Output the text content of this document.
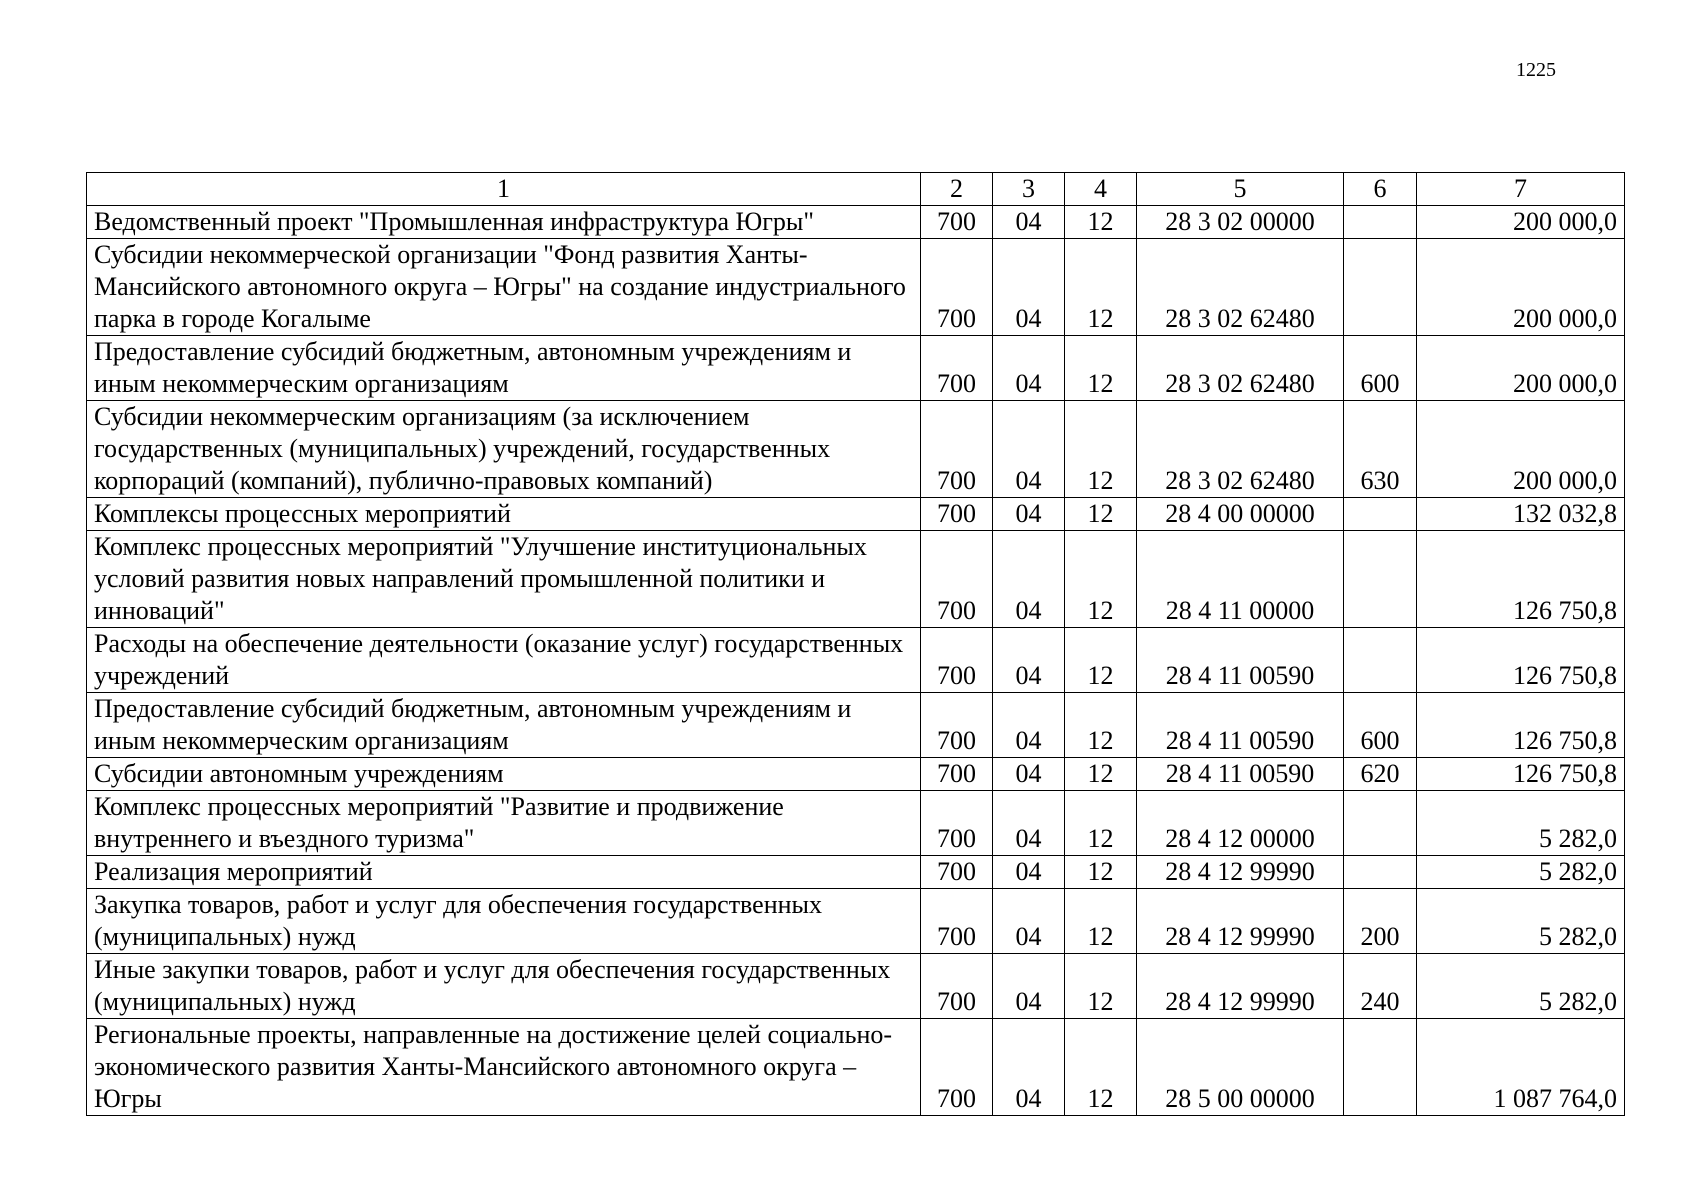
1225
1	2	3	4	5	6	7
Ведомственный проект "Промышленная инфраструктура Югры"	700	04	12	28 3 02 00000		200 000,0
Субсидии некоммерческой организации "Фонд развития Ханты-Мансийского автономного округа – Югры" на создание индустриального парка в городе Когалыме	700	04	12	28 3 02 62480		200 000,0
Предоставление субсидий бюджетным, автономным учреждениям и иным некоммерческим организациям	700	04	12	28 3 02 62480	600	200 000,0
Субсидии некоммерческим организациям (за исключением государственных (муниципальных) учреждений, государственных корпораций (компаний), публично-правовых компаний)	700	04	12	28 3 02 62480	630	200 000,0
Комплексы процессных мероприятий	700	04	12	28 4 00 00000		132 032,8
Комплекс процессных мероприятий "Улучшение институциональных условий развития новых направлений промышленной политики и инноваций"	700	04	12	28 4 11 00000		126 750,8
Расходы на обеспечение деятельности (оказание услуг) государственных учреждений	700	04	12	28 4 11 00590		126 750,8
Предоставление субсидий бюджетным, автономным учреждениям и иным некоммерческим организациям	700	04	12	28 4 11 00590	600	126 750,8
Субсидии автономным учреждениям	700	04	12	28 4 11 00590	620	126 750,8
Комплекс процессных мероприятий "Развитие и продвижение внутреннего и въездного туризма"	700	04	12	28 4 12 00000		5 282,0
Реализация мероприятий	700	04	12	28 4 12 99990		5 282,0
Закупка товаров, работ и услуг для обеспечения государственных (муниципальных) нужд	700	04	12	28 4 12 99990	200	5 282,0
Иные закупки товаров, работ и услуг для обеспечения государственных (муниципальных) нужд	700	04	12	28 4 12 99990	240	5 282,0
Региональные проекты, направленные на достижение целей социально-экономического развития Ханты-Мансийского автономного округа – Югры	700	04	12	28 5 00 00000		1 087 764,0
